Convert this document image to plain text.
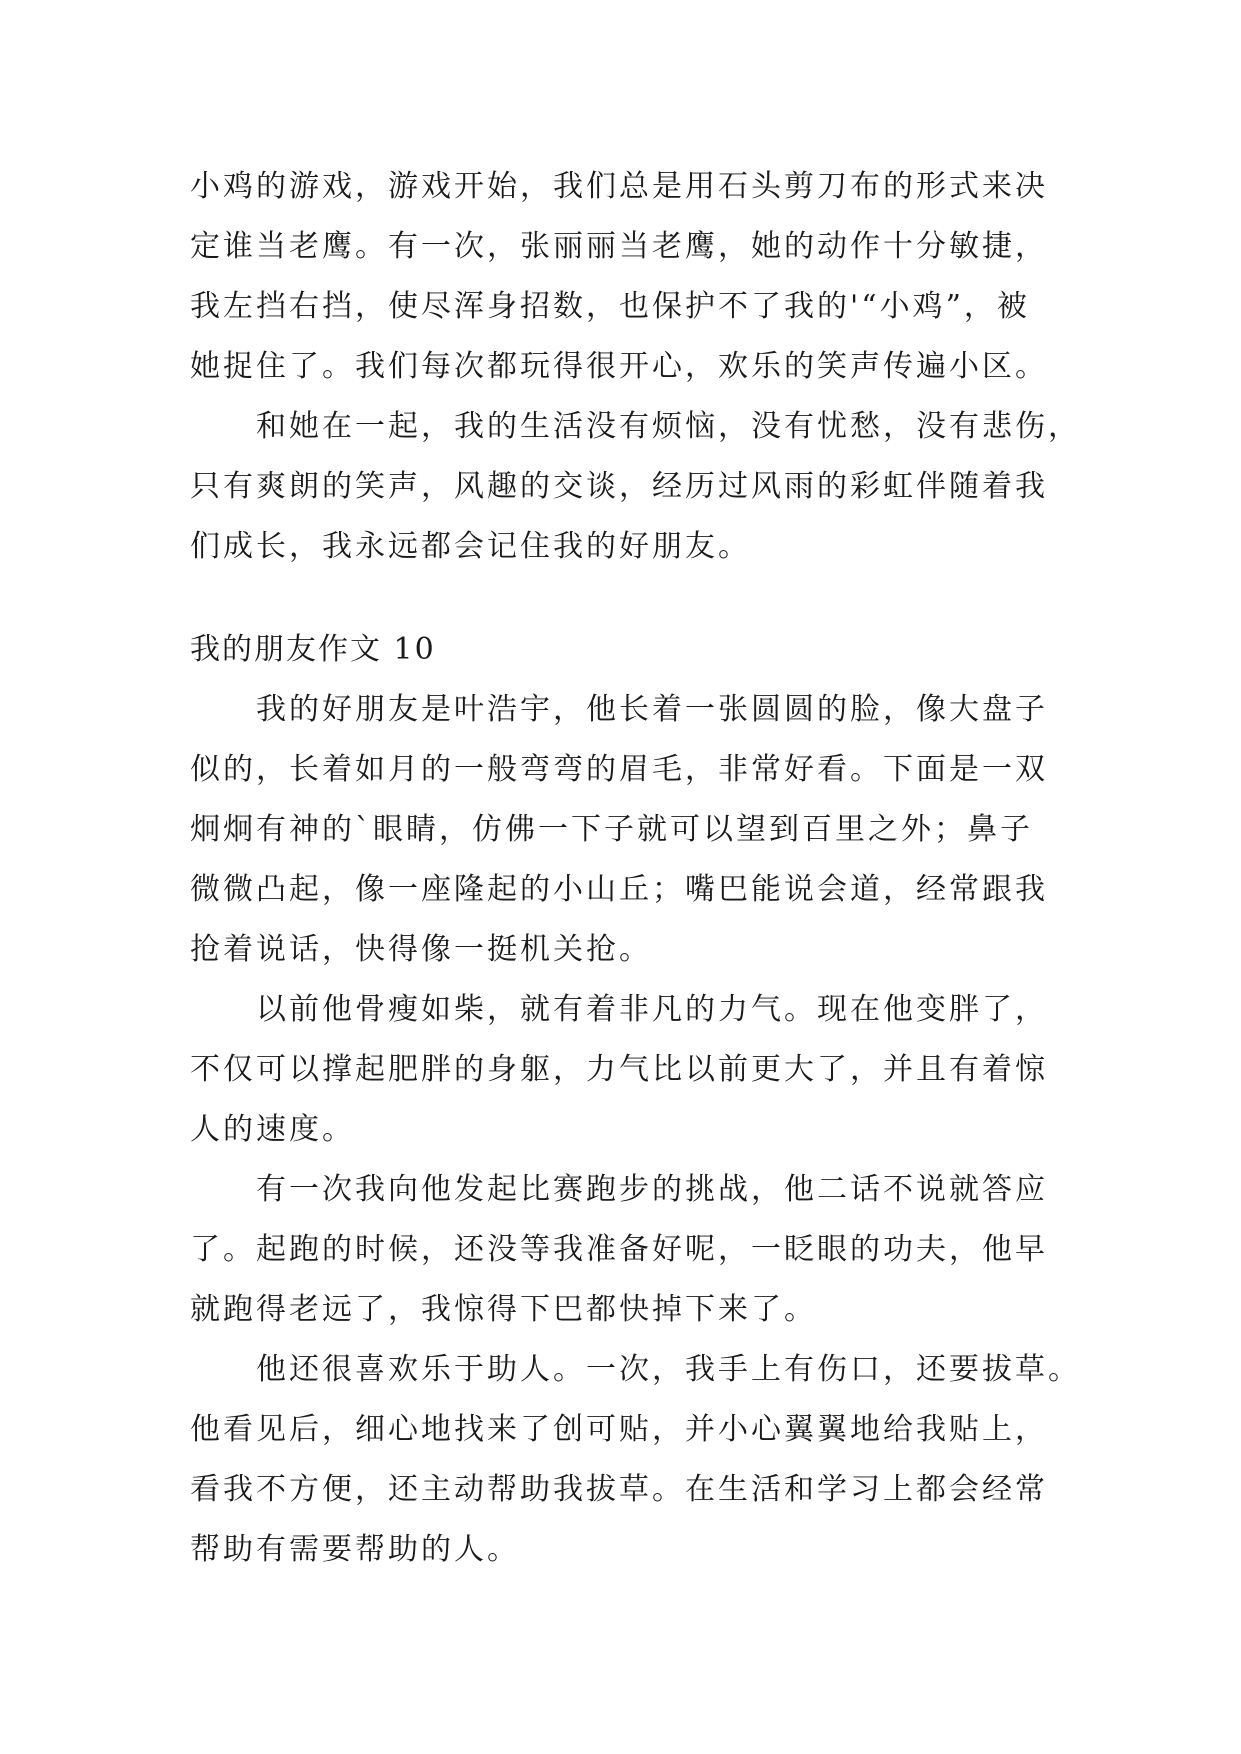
小鸡的游戏，游戏开始，我们总是用石头剪刀布的形式来决
定谁当老鹰。有一次，张丽丽当老鹰，她的动作十分敏捷，
我左挡右挡，使尽浑身招数，也保护不了我的'“小鸡”，被
她捉住了。我们每次都玩得很开心，欢乐的笑声传遍小区。
和她在一起，我的生活没有烦恼，没有忧愁，没有悲伤，
只有爽朗的笑声，风趣的交谈，经历过风雨的彩虹伴随着我
们成长，我永远都会记住我的好朋友。
我的朋友作文 10
我的好朋友是叶浩宇，他长着一张圆圆的脸，像大盘子
似的，长着如月的一般弯弯的眉毛，非常好看。下面是一双
炯炯有神的`眼睛，仿佛一下子就可以望到百里之外；鼻子
微微凸起，像一座隆起的小山丘；嘴巴能说会道，经常跟我
抢着说话，快得像一挺机关抢。
以前他骨瘦如柴，就有着非凡的力气。现在他变胖了，
不仅可以撑起肥胖的身躯，力气比以前更大了，并且有着惊
人的速度。
有一次我向他发起比赛跑步的挑战，他二话不说就答应
了。起跑的时候，还没等我准备好呢，一眨眼的功夫，他早
就跑得老远了，我惊得下巴都快掉下来了。
他还很喜欢乐于助人。一次，我手上有伤口，还要拔草。
他看见后，细心地找来了创可贴，并小心翼翼地给我贴上，
看我不方便，还主动帮助我拔草。在生活和学习上都会经常
帮助有需要帮助的人。
